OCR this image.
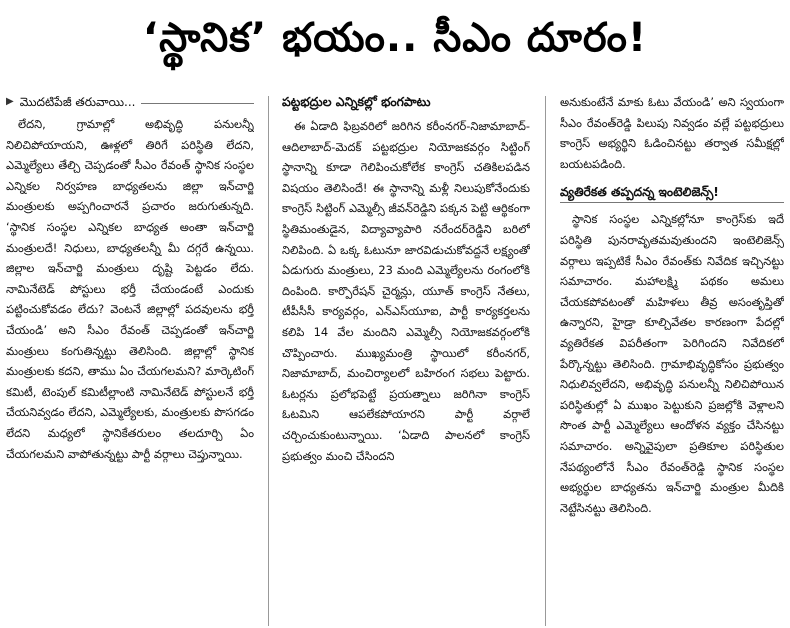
‘స్థానిక’ భయం.. సీఎం దూరం!
▶ మొదటిపేజీ తరువాయి...

లేదని, గ్రామాల్లో అభివృద్ధి పనులన్నీ నిలిచిపోయాయని, ఊళ్లలో తిరిగే పరిస్థితి లేదని, ఎమ్మెల్యేలు తేల్చి చెప్పడంతో సీఎం రేవంత్ స్థానిక సంస్థల ఎన్నికల నిర్వహణ బాధ్యతలను జిల్లా ఇన్‌చార్జి మంత్రులకు అప్పగించారనే ప్రచారం జరుగుతున్నది. ‘స్థానిక సంస్థల ఎన్నికల బాధ్యత అంతా ఇన్‌చార్జి మంత్రులదే! నిధులు, బాధ్యతలన్నీ మీ దగ్గరే ఉన్నయి. జిల్లాల ఇన్‌చార్జి మంత్రులు దృష్టి పెట్టడం లేదు. నామినేటెడ్ పోస్టులు భర్తీ చేయండంటే ఎందుకు పట్టించుకోవడం లేదు? వెంటనే జిల్లాల్లో పదవులను భర్తీ చేయండి’ అని సీఎం రేవంత్ చెప్పడంతో ఇన్‌చార్జి మంత్రులు కంగుతిన్నట్టు తెలిసింది. జిల్లాల్లో స్థానిక మంత్రులకు కదని, తాము ఏం చేయగలమని? మార్కెటింగ్ కమిటీ, టెంపుల్ కమిటీల్లాంటి నామినేటెడ్ పోస్టులనే భర్తీ చేయనివ్వడం లేదని, ఎమ్మెల్యేలకు, మంత్రులకు పొసగడం లేదని మధ్యలో స్థానికేతరులం తలదూర్చి ఏం చేయగలమని వాపోతున్నట్టు పార్టీ వర్గాలు చెప్తున్నాయి.

పట్టభద్రుల ఎన్నికల్లో భంగపాటు

ఈ ఏడాది ఫిబ్రవరిలో జరిగిన కరీంనగర్-నిజామాబాద్-ఆదిలాబాద్-మెదక్ పట్టభద్రుల నియోజకవర్గం సిట్టింగ్ స్థానాన్ని కూడా గెలిపించుకోలేక కాంగ్రెస్ చతికిలపడిన విషయం తెలిసిందే! ఈ స్థానాన్ని మళ్లీ నిలుపుకోనేందుకు కాంగ్రెస్ సిట్టింగ్ ఎమ్మెల్సీ జీవన్‌రెడ్డిని పక్కన పెట్టి ఆర్థికంగా స్థితిమంతుడైన, విద్యావ్యాపారి నరేందర్‌రెడ్డిని బరిలో నిలిపింది. ఏ ఒక్క ఓటునూ జారవిడుచుకోవద్దనే లక్ష్యంతో ఏడుగురు మంత్రులు, 23 మంది ఎమ్మెల్యేలను రంగంలోకి దింపింది. కార్పొరేషన్ చైర్మన్లు, యూత్ కాంగ్రెస్ నేతలు, టీపీసీసీ కార్యవర్గం, ఎన్ఎస్‌యూఐ, పార్టీ కార్యకర్తలను కలిపి 14 వేల మందిని ఎమ్మెల్సీ నియోజకవర్గంలోకి చొప్పించారు. ముఖ్యమంత్రి స్థాయిలో కరీంనగర్, నిజామాబాద్, మంచిర్యాలలో బహిరంగ సభలు పెట్టారు. ఓటర్లను ప్రలోభపెట్టే ప్రయత్నాలు జరిగినా కాంగ్రెస్ ఓటమిని ఆపలేకపోయారని పార్టీ వర్గాలే చర్చించుకుంటున్నాయి. ‘ఏడాది పాలనలో కాంగ్రెస్ ప్రభుత్వం మంచి చేసిందని

అనుకుంటేనే మాకు ఓటు వేయండి’ అని స్వయంగా సీఎం రేవంత్‌రెడ్డి పిలుపు నివ్వడం వల్లే పట్టభద్రులు కాంగ్రెస్ అభ్యర్థిని ఓడించినట్టు తర్వాత సమీక్షల్లో బయటపడింది.

వ్యతిరేకత తప్పదన్న ఇంటెలిజెన్స్!

స్థానిక సంస్థల ఎన్నికల్లోనూ కాంగ్రెస్‌కు ఇదే పరిస్థితి పునరావృతమవుతుందని ఇంటెలిజెన్స్ వర్గాలు ఇప్పటికే సీఎం రేవంత్‌కు నివేదిక ఇచ్చినట్టు సమాచారం. మహాలక్ష్మి పథకం అమలు చేయకపోవటంతో మహిళలు తీవ్ర అసంతృప్తితో ఉన్నారని, హైడ్రా కూల్చివేతల కారణంగా పేదల్లో వ్యతిరేకత విపరీతంగా పెరిగిందని నివేదికలో పేర్కొన్నట్టు తెలిసింది. గ్రామాభివృద్ధికోసం ప్రభుత్వం నిధులివ్వలేదని, అభివృద్ధి పనులన్నీ నిలిచిపోయిన పరిస్థితుల్లో ఏ ముఖం పెట్టుకుని ప్రజల్లోకి వెళ్లాలని సొంత పార్టీ ఎమ్మెల్యేలు ఆందోళన వ్యక్తం చేసినట్టు సమాచారం. అన్నివైపులా ప్రతికూల పరిస్థితుల నేపథ్యంలోనే సీఎం రేవంత్‌రెడ్డి స్థానిక సంస్థల అభ్యర్థుల బాధ్యతను ఇన్‌చార్జి మంత్రుల మీదికి నెట్టేసినట్టు తెలిసింది.
